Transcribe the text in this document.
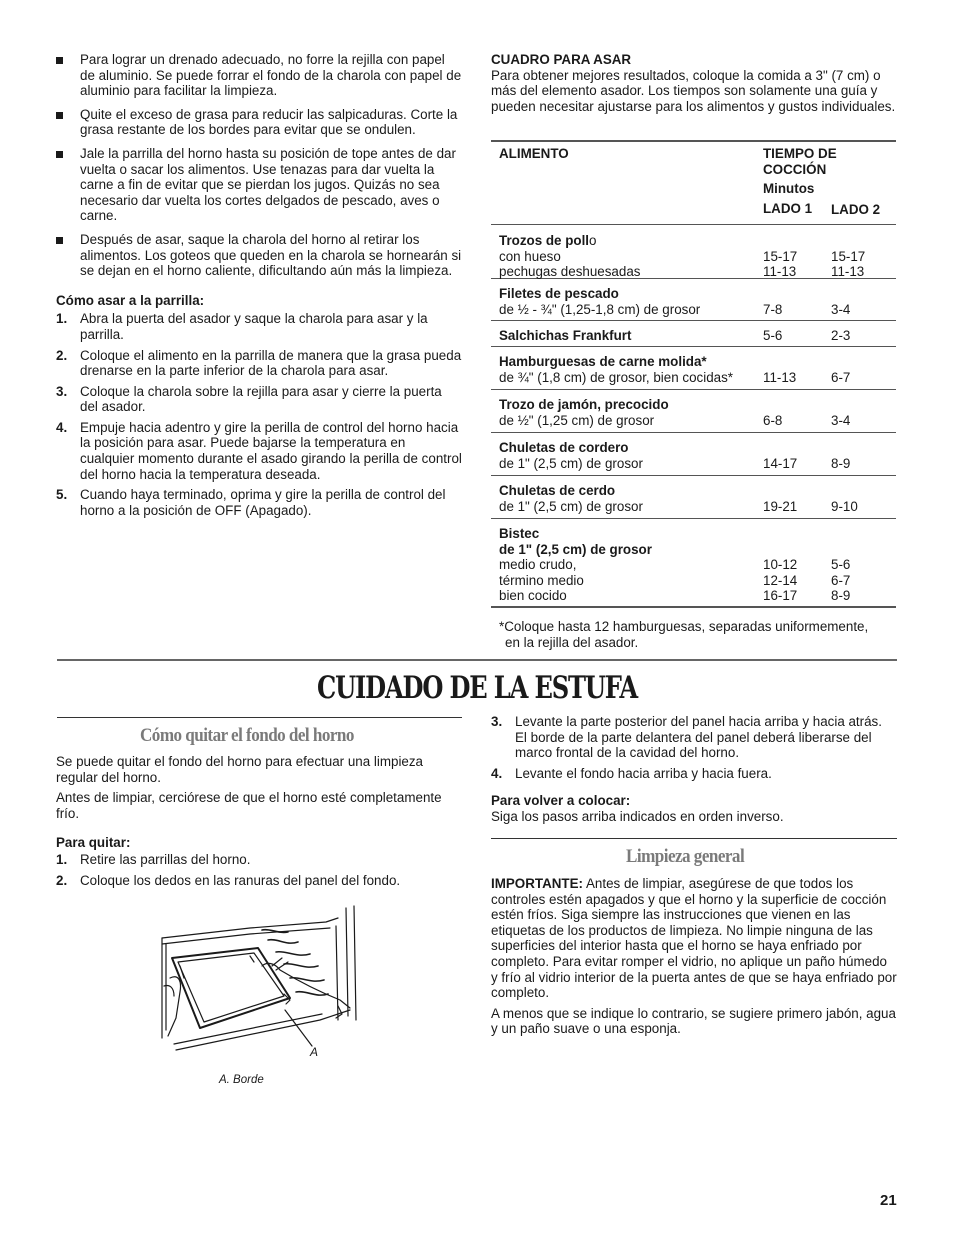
Para lograr un drenado adecuado, no forre la rejilla con papel de aluminio. Se puede forrar el fondo de la charola con papel de aluminio para facilitar la limpieza.

Quite el exceso de grasa para reducir las salpicaduras. Corte la grasa restante de los bordes para evitar que se ondulen.

Jale la parrilla del horno hasta su posición de tope antes de dar vuelta o sacar los alimentos. Use tenazas para dar vuelta la carne a fin de evitar que se pierdan los jugos. Quizás no sea necesario dar vuelta los cortes delgados de pescado, aves o carne.

Después de asar, saque la charola del horno al retirar los alimentos. Los goteos que queden en la charola se hornearán si se dejan en el horno caliente, dificultando aún más la limpieza.

Cómo asar a la parrilla:

1. Abra la puerta del asador y saque la charola para asar y la parrilla.
2. Coloque el alimento en la parrilla de manera que la grasa pueda drenarse en la parte inferior de la charola para asar.
3. Coloque la charola sobre la rejilla para asar y cierre la puerta del asador.
4. Empuje hacia adentro y gire la perilla de control del horno hacia la posición para asar. Puede bajarse la temperatura en cualquier momento durante el asado girando la perilla de control del horno hacia la temperatura deseada.
5. Cuando haya terminado, oprima y gire la perilla de control del horno a la posición de OFF (Apagado).

CUADRO PARA ASAR

Para obtener mejores resultados, coloque la comida a 3" (7 cm) o más del elemento asador. Los tiempos son solamente una guía y pueden necesitar ajustarse para los alimentos y gustos individuales.

ALIMENTO	TIEMPO DE
COCCIÓN
Minutos
LADO 1	LADO 2
Trozos de pollo
con hueso	15-17	15-17
pechugas deshuesadas	11-13	11-13
Filetes de pescado
de ½ - ¾" (1,25-1,8 cm) de grosor	7-8	3-4
Salchichas Frankfurt	5-6	2-3
Hamburguesas de carne molida*
de ¾" (1,8 cm) de grosor, bien cocidas* 11-13	6-7
Trozo de jamón, precocido
de ½" (1,25 cm) de grosor	6-8	3-4
Chuletas de cordero
de 1" (2,5 cm) de grosor	14-17	8-9
Chuletas de cerdo
de 1" (2,5 cm) de grosor	19-21	9-10
Bistec
de 1" (2,5 cm) de grosor
medio crudo,	10-12	5-6
término medio	12-14	6-7
bien cocido	16-17	8-9
*Coloque hasta 12 hamburguesas, separadas uniformemente,
en la rejilla del asador.
CUIDADO DE LA ESTUFA
Cómo quitar el fondo del horno

Se puede quitar el fondo del horno para efectuar una limpieza regular del horno.

Antes de limpiar, cerciórese de que el horno esté completamente frío.

Para quitar:

1. Retire las parrillas del horno.
2. Coloque los dedos en las ranuras del panel del fondo.
A
A. Borde
3. Levante la parte posterior del panel hacia arriba y hacia atrás. El borde de la parte delantera del panel deberá liberarse del marco frontal de la cavidad del horno.
4. Levante el fondo hacia arriba y hacia fuera.

Para volver a colocar:

Siga los pasos arriba indicados en orden inverso.

Limpieza general

IMPORTANTE: Antes de limpiar, asegúrese de que todos los controles estén apagados y que el horno y la superficie de cocción estén fríos. Siga siempre las instrucciones que vienen en las etiquetas de los productos de limpieza. No limpie ninguna de las superficies del interior hasta que el horno se haya enfriado por completo. Para evitar romper el vidrio, no aplique un paño húmedo y frío al vidrio interior de la puerta antes de que se haya enfriado por completo.

A menos que se indique lo contrario, se sugiere primero jabón, agua y un paño suave o una esponja.

21
